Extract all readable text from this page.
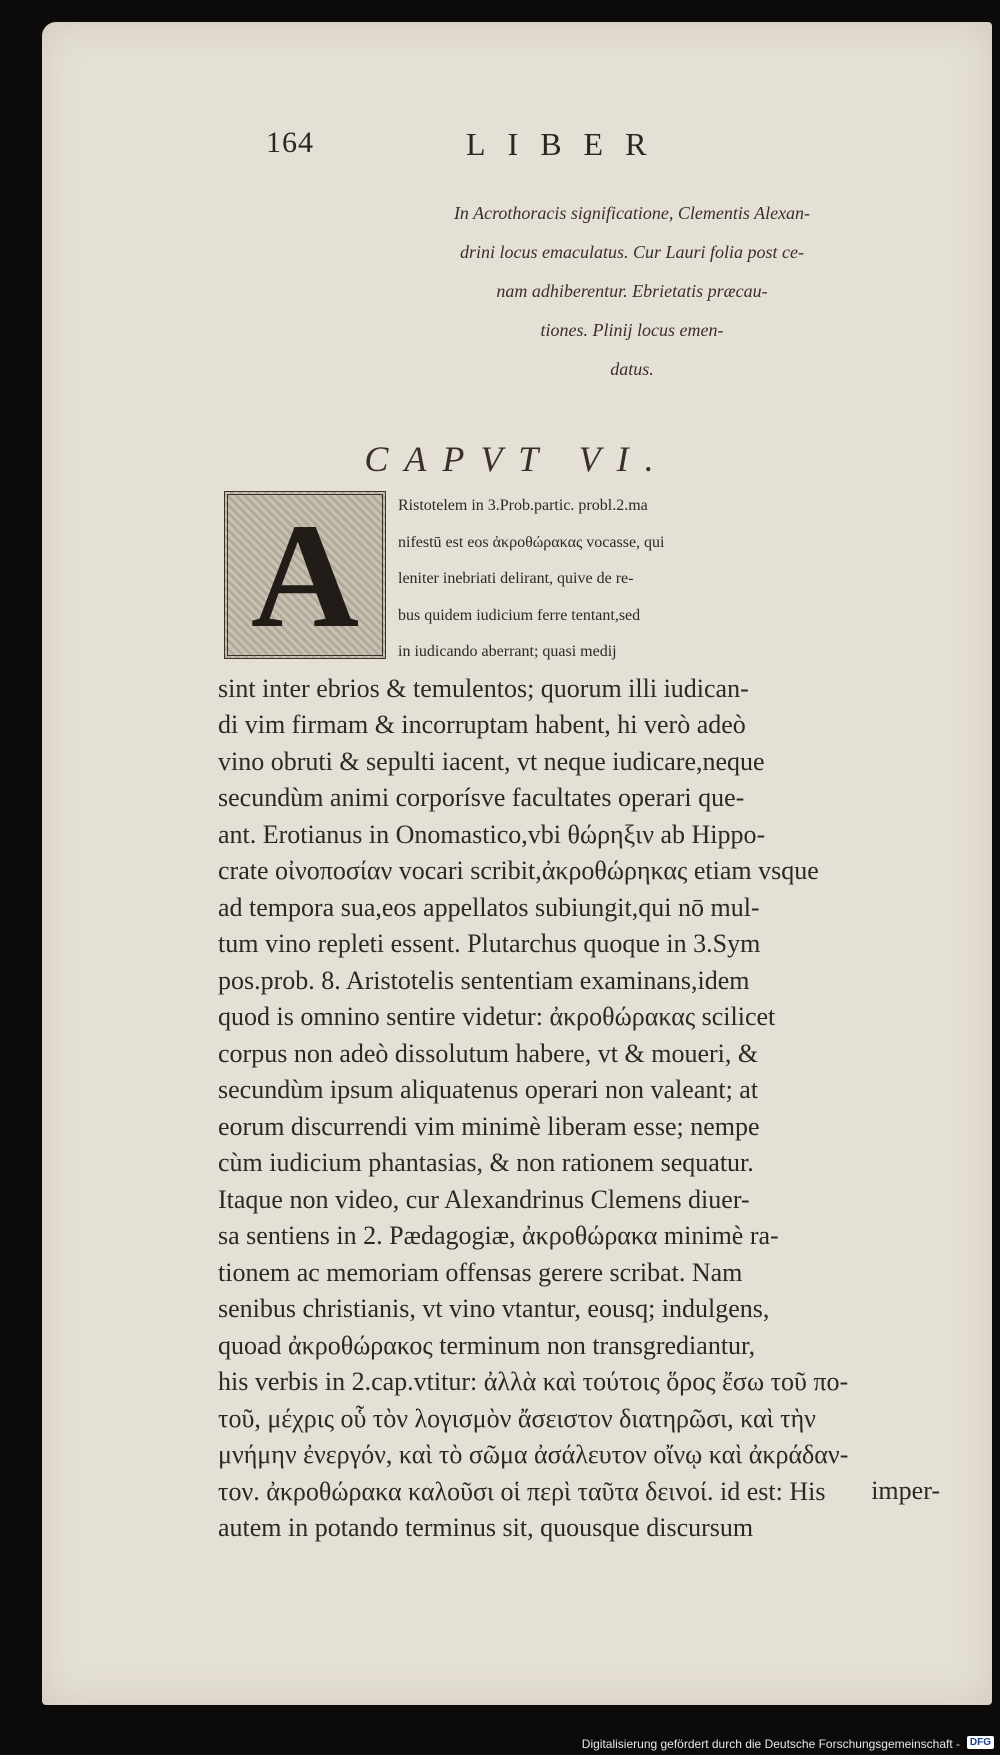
164	LIBER
In Acrothoracis significatione, Clementis Alexan-
drini locus emaculatus. Cur Lauri folia post ce-
nam adhiberentur. Ebrietatis præcau-
tiones. Plinij locus emen-
datus.
CAPVT VI.
A	Ristotelem in 3.Prob.partic. probl.2.ma
nifestū est eos ἀκροθώρακας vocasse, qui
leniter inebriati delirant, quive de re-
bus quidem iudicium ferre tentant,sed
in iudicando aberrant; quasi medij
sint inter ebrios & temulentos; quorum illi iudican-
di vim firmam & incorruptam habent, hi verò adeò
vino obruti & sepulti iacent, vt neque iudicare,neque
secundùm animi corporísve facultates operari que-
ant. Erotianus in Onomastico,vbi θώρηξιν ab Hippo-
crate οἰνοποσίαν vocari scribit,ἀκροθώρηκας etiam vsque
ad tempora sua,eos appellatos subiungit,qui nō mul-
tum vino repleti essent. Plutarchus quoque in 3.Sym
pos.prob. 8. Aristotelis sententiam examinans,idem
quod is omnino sentire videtur: ἀκροθώρακας scilicet
corpus non adeò dissolutum habere, vt & moueri, &
secundùm ipsum aliquatenus operari non valeant; at
eorum discurrendi vim minimè liberam esse; nempe
cùm iudicium phantasias, & non rationem sequatur.
Itaque non video, cur Alexandrinus Clemens diuer-
sa sentiens in 2. Pædagogiæ, ἀκροθώρακα minimè ra-
tionem ac memoriam offensas gerere scribat. Nam
senibus christianis, vt vino vtantur, eousq; indulgens,
quoad ἀκροθώρακος terminum non transgrediantur,
his verbis in 2.cap.vtitur: ἀλλὰ καὶ τούτοις ὅρος ἔσω τοῦ πο-
τοῦ, μέχρις οὗ τὸν λογισμὸν ἄσειστον διατηρῶσι, καὶ τὴν
μνήμην ἐνεργόν, καὶ τὸ σῶμα ἀσάλευτον οἴνῳ καὶ ἀκράδαν-
τον. ἀκροθώρακα καλοῦσι οἱ περὶ ταῦτα δεινοί. id est: His
autem in potando terminus sit, quousque discursum
imper-
Digitalisierung gefördert durch die Deutsche Forschungsgemeinschaft - DFG
